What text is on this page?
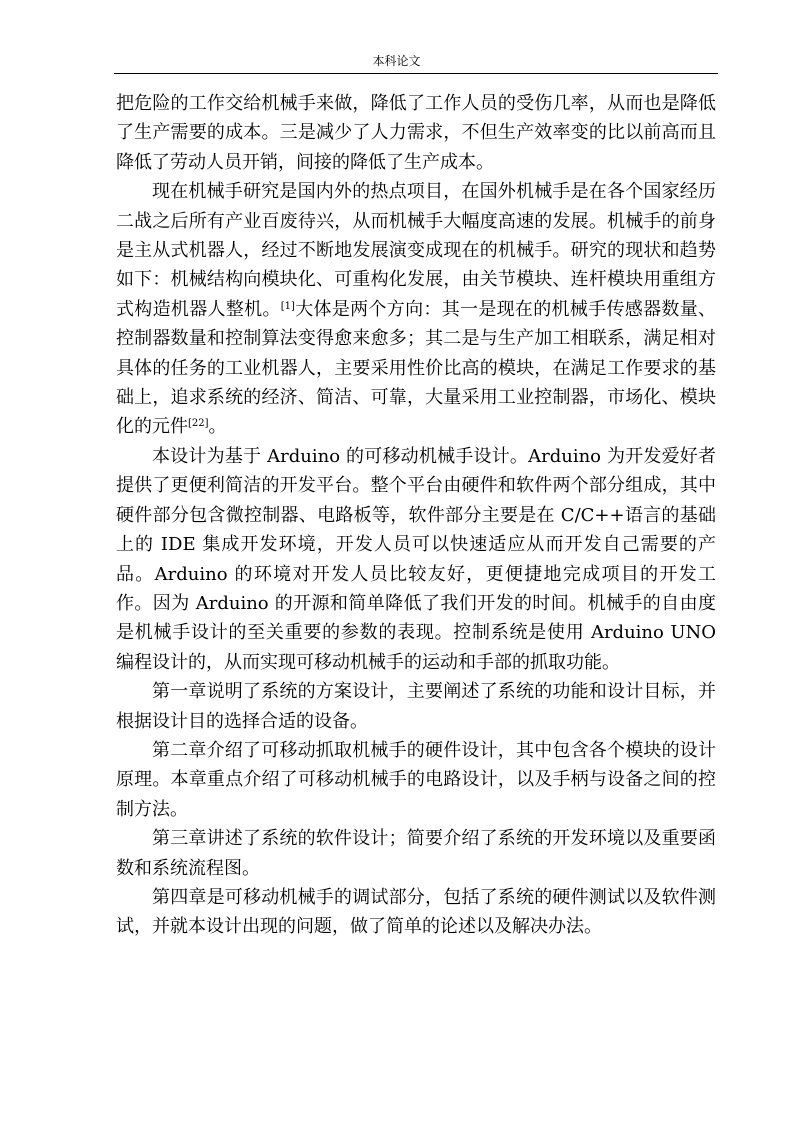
本科论文

把危险的工作交给机械手来做，降低了工作人员的受伤几率，从而也是降低了生产需要的成本。三是减少了人力需求，不但生产效率变的比以前高而且降低了劳动人员开销，间接的降低了生产成本。

现在机械手研究是国内外的热点项目，在国外机械手是在各个国家经历二战之后所有产业百废待兴，从而机械手大幅度高速的发展。机械手的前身是主从式机器人，经过不断地发展演变成现在的机械手。研究的现状和趋势如下：机械结构向模块化、可重构化发展，由关节模块、连杆模块用重组方式构造机器人整机。[1]大体是两个方向：其一是现在的机械手传感器数量、控制器数量和控制算法变得愈来愈多；其二是与生产加工相联系，满足相对具体的任务的工业机器人，主要采用性价比高的模块，在满足工作要求的基础上，追求系统的经济、简洁、可靠，大量采用工业控制器，市场化、模块化的元件[22]。

本设计为基于 Arduino 的可移动机械手设计。Arduino 为开发爱好者提供了更便利简洁的开发平台。整个平台由硬件和软件两个部分组成，其中硬件部分包含微控制器、电路板等，软件部分主要是在 C/C++语言的基础上的 IDE 集成开发环境，开发人员可以快速适应从而开发自己需要的产品。Arduino 的环境对开发人员比较友好，更便捷地完成项目的开发工作。因为 Arduino 的开源和简单降低了我们开发的时间。机械手的自由度是机械手设计的至关重要的参数的表现。控制系统是使用 Arduino UNO 编程设计的，从而实现可移动机械手的运动和手部的抓取功能。

第一章说明了系统的方案设计，主要阐述了系统的功能和设计目标，并根据设计目的选择合适的设备。

第二章介绍了可移动抓取机械手的硬件设计，其中包含各个模块的设计原理。本章重点介绍了可移动机械手的电路设计，以及手柄与设备之间的控制方法。

第三章讲述了系统的软件设计；简要介绍了系统的开发环境以及重要函数和系统流程图。

第四章是可移动机械手的调试部分，包括了系统的硬件测试以及软件测试，并就本设计出现的问题，做了简单的论述以及解决办法。
